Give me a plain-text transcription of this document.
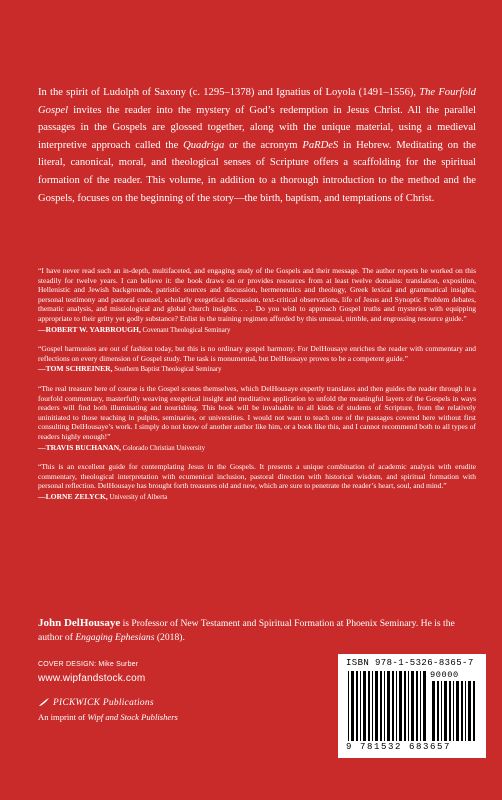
In the spirit of Ludolph of Saxony (c. 1295–1378) and Ignatius of Loyola (1491–1556), The Fourfold Gospel invites the reader into the mystery of God’s redemption in Jesus Christ. All the parallel passages in the Gospels are glossed together, along with the unique material, using a medieval interpretive approach called the Quadriga or the acronym PaRDeS in Hebrew. Meditating on the literal, canonical, moral, and theological senses of Scripture offers a scaffolding for the spiritual formation of the reader. This volume, in addition to a thorough introduction to the method and the Gospels, focuses on the beginning of the story—the birth, baptism, and temptations of Christ.

“I have never read such an in-depth, multifaceted, and engaging study of the Gospels and their message. The author reports he worked on this steadily for twelve years. I can believe it: the book draws on or provides resources from at least twelve domains: translation, exposition, Hellenistic and Jewish backgrounds, patristic sources and discussion, hermeneutics and theology, Greek lexical and grammatical insights, personal testimony and pastoral counsel, scholarly exegetical discussion, text-critical observations, life of Jesus and Synoptic Problem debates, thematic analysis, and missiological and global church insights. . . . Do you wish to approach Gospel truths and mysteries with equipping appropriate to their gritty yet godly substance? Enlist in the training regimen afforded by this unusual, nimble, and engrossing resource guide.”

—ROBERT W. YARBROUGH, Covenant Theological Seminary

“Gospel harmonies are out of fashion today, but this is no ordinary gospel harmony. For DelHousaye enriches the reader with commentary and reflections on every dimension of Gospel study. The task is monumental, but DelHousaye proves to be a competent guide.”

—TOM SCHREINER, Southern Baptist Theological Seminary

“The real treasure here of course is the Gospel scenes themselves, which DelHousaye expertly translates and then guides the reader through in a fourfold commentary, masterfully weaving exegetical insight and meditative application to unfold the meaningful layers of the Gospels in ways readers will find both illuminating and nourishing. This book will be invaluable to all kinds of students of Scripture, from the relatively uninitiated to those teaching in pulpits, seminaries, or universities. I would not want to teach one of the passages covered here without first consulting DelHousaye’s work. I simply do not know of another author like him, or a book like this, and I cannot recommend both to all types of readers highly enough!”

—TRAVIS BUCHANAN, Colorado Christian University

“This is an excellent guide for contemplating Jesus in the Gospels. It presents a unique combination of academic analysis with erudite commentary, theological interpretation with ecumenical inclusion, pastoral direction with historical wisdom, and spiritual formation with personal reflection. DelHousaye has brought forth treasures old and new, which are sure to penetrate the reader’s heart, soul, and mind.”

—LORNE ZELYCK, University of Alberta

John DelHousaye is Professor of New Testament and Spiritual Formation at Phoenix Seminary. He is the author of Engaging Ephesians (2018).

COVER DESIGN: Mike Surber
www.wipfandstock.com
PICKWICK Publications
An imprint of Wipf and Stock Publishers
ISBN 978-1-5326-8365-7
90000
9 781532 683657
